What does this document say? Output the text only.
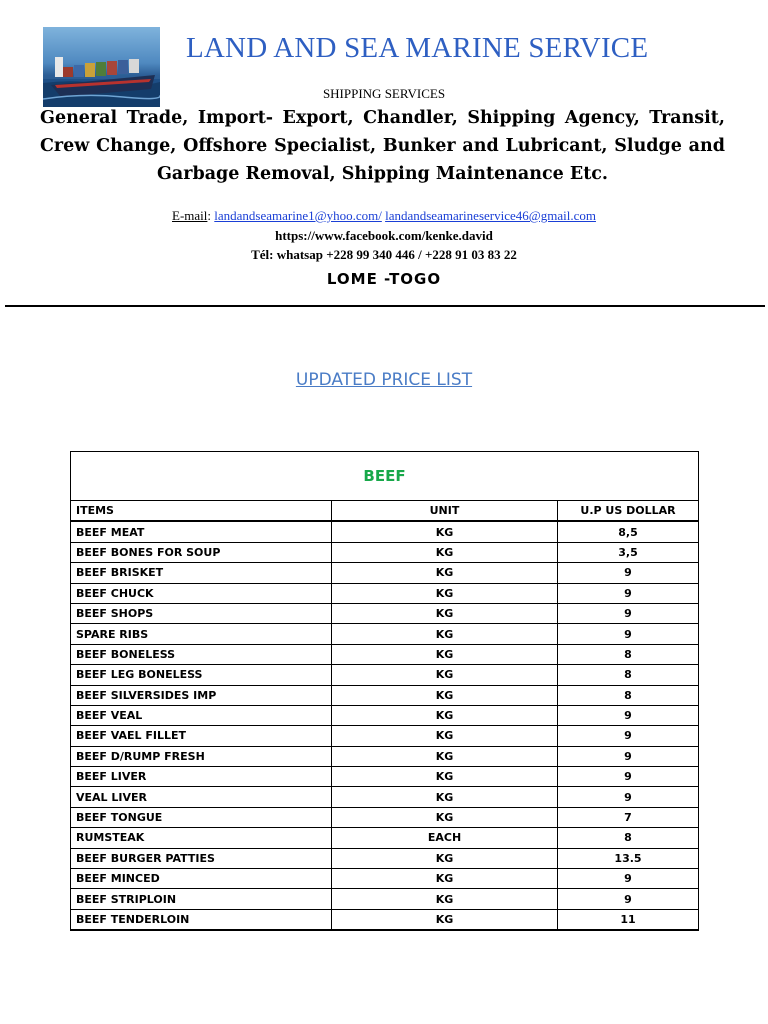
LAND AND SEA MARINE SERVICE
SHIPPING SERVICES
General Trade, Import- Export, Chandler, Shipping Agency, Transit, Crew Change, Offshore Specialist, Bunker and Lubricant, Sludge and Garbage Removal, Shipping Maintenance Etc.
E-mail: landandseamarine1@yhoo.com/ landandseamarineservice46@gmail.com
https://www.facebook.com/kenke.david
Tél: whatsap +228 99 340 446 / +228 91 03 83 22
LOME -TOGO
UPDATED PRICE LIST
BEEF		
ITEMS	UNIT	U.P US DOLLAR
BEEF MEAT	KG	8,5
BEEF BONES FOR SOUP	KG	3,5
BEEF BRISKET	KG	9
BEEF CHUCK	KG	9
BEEF SHOPS	KG	9
SPARE RIBS	KG	9
BEEF BONELESS	KG	8
BEEF LEG BONELESS	KG	8
BEEF SILVERSIDES IMP	KG	8
BEEF VEAL	KG	9
BEEF VAEL FILLET	KG	9
BEEF D/RUMP FRESH	KG	9
BEEF LIVER	KG	9
VEAL LIVER	KG	9
BEEF TONGUE	KG	7
RUMSTEAK	EACH	8
BEEF BURGER PATTIES	KG	13.5
BEEF MINCED	KG	9
BEEF STRIPLOIN	KG	9
BEEF TENDERLOIN	KG	11
